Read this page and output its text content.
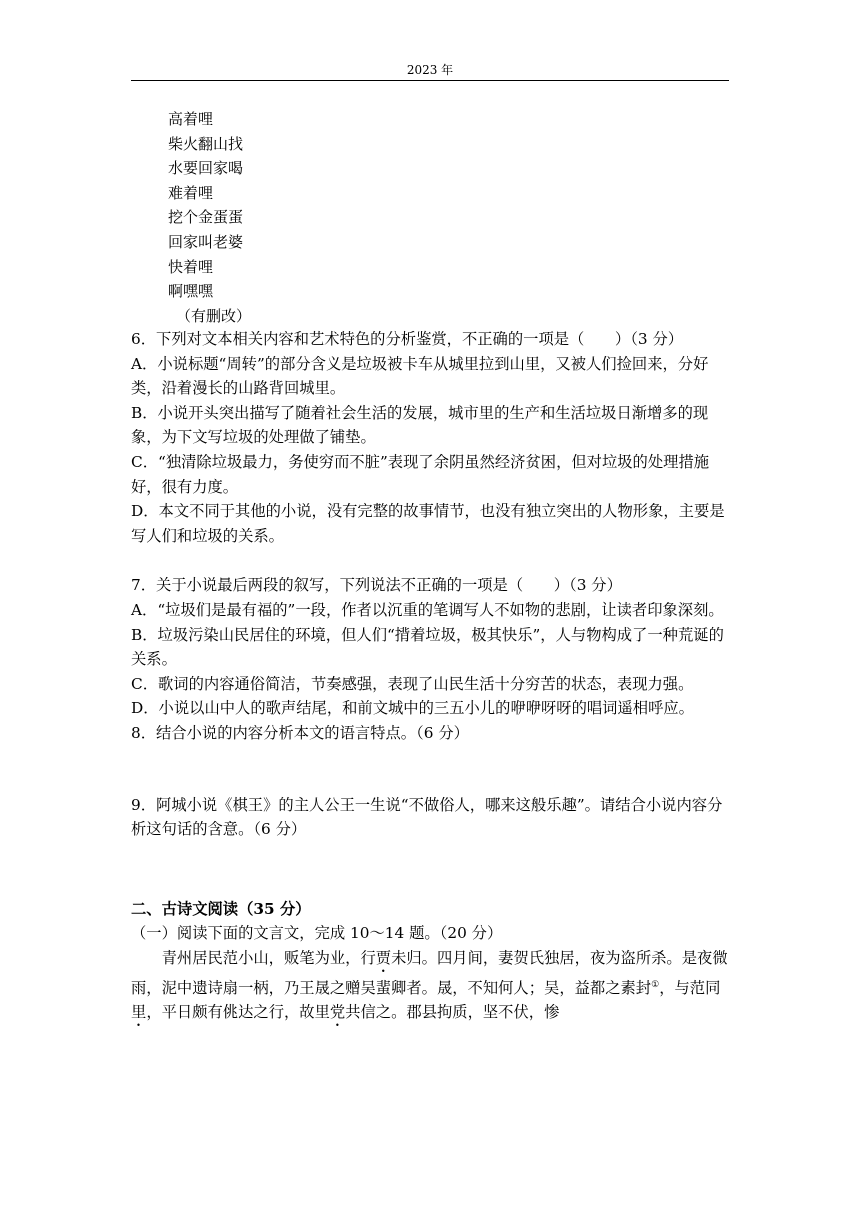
2023 年
高着哩
柴火翻山找
水要回家喝
难着哩
挖个金蛋蛋
回家叫老婆
快着哩
啊嘿嘿
（有删改）

6．下列对文本相关内容和艺术特色的分析鉴赏，不正确的一项是（　　）（3 分）

A．小说标题“周转”的部分含义是垃圾被卡车从城里拉到山里，又被人们捡回来，分好类，沿着漫长的山路背回城里。

B．小说开头突出描写了随着社会生活的发展，城市里的生产和生活垃圾日渐增多的现象，为下文写垃圾的处理做了铺垫。

C．“独清除垃圾最力，务使穷而不脏”表现了余阴虽然经济贫困，但对垃圾的处理措施好，很有力度。

D．本文不同于其他的小说，没有完整的故事情节，也没有独立突出的人物形象，主要是写人们和垃圾的关系。

7．关于小说最后两段的叙写，下列说法不正确的一项是（　　）（3 分）

A．“垃圾们是最有福的”一段，作者以沉重的笔调写人不如物的悲剧，让读者印象深刻。

B．垃圾污染山民居住的环境，但人们“揹着垃圾，极其快乐”，人与物构成了一种荒诞的关系。

C．歌词的内容通俗简洁，节奏感强，表现了山民生活十分穷苦的状态，表现力强。

D．小说以山中人的歌声结尾，和前文城中的三五小儿的咿咿呀呀的唱词遥相呼应。

8．结合小说的内容分析本文的语言特点。（6 分）

9．阿城小说《棋王》的主人公王一生说“不做俗人，哪来这般乐趣”。请结合小说内容分析这句话的含意。（6 分）

二、古诗文阅读（35 分）

（一）阅读下面的文言文，完成 10～14 题。（20 分）

青州居民范小山，贩笔为业，行贾未归。四月间，妻贺氏独居，夜为盗所杀。是夜微雨，泥中遗诗扇一柄，乃王晟之赠吴蜚卿者。晟，不知何人；吴，益都之素封①，与范同里，平日颇有佻达之行，故里党共信之。郡县拘质，坚不伏，惨
